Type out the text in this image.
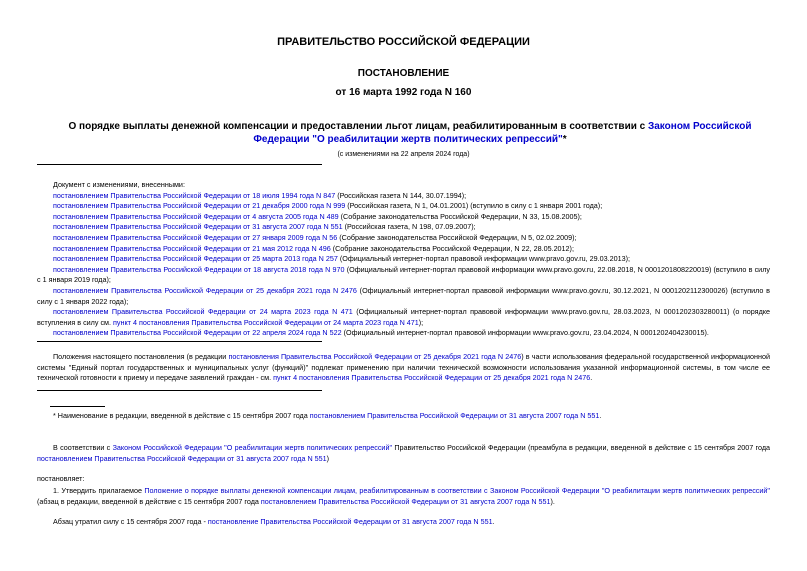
ПРАВИТЕЛЬСТВО РОССИЙСКОЙ ФЕДЕРАЦИИ
ПОСТАНОВЛЕНИЕ
от 16 марта 1992 года N 160
О порядке выплаты денежной компенсации и предоставлении льгот лицам, реабилитированным в соответствии с Законом Российской Федерации "О реабилитации жертв политических репрессий"*
(с изменениями на 22 апреля 2024 года)
Документ с изменениями, внесенными:
постановлением Правительства Российской Федерации от 18 июля 1994 года N 847 (Российская газета N 144, 30.07.1994);
постановлением Правительства Российской Федерации от 21 декабря 2000 года N 999 (Российская газета, N 1, 04.01.2001) (вступило в силу с 1 января 2001 года);
постановлением Правительства Российской Федерации от 4 августа 2005 года N 489 (Собрание законодательства Российской Федерации, N 33, 15.08.2005);
постановлением Правительства Российской Федерации от 31 августа 2007 года N 551 (Российская газета, N 198, 07.09.2007);
постановлением Правительства Российской Федерации от 27 января 2009 года N 56 (Собрание законодательства Российской Федерации, N 5, 02.02.2009);
постановлением Правительства Российской Федерации от 21 мая 2012 года N 496 (Собрание законодательства Российской Федерации, N 22, 28.05.2012);
постановлением Правительства Российской Федерации от 25 марта 2013 года N 257 (Официальный интернет-портал правовой информации www.pravo.gov.ru, 29.03.2013);
постановлением Правительства Российской Федерации от 18 августа 2018 года N 970 (Официальный интернет-портал правовой информации www.pravo.gov.ru, 22.08.2018, N 0001201808220019) (вступило в силу с 1 января 2019 года);
постановлением Правительства Российской Федерации от 25 декабря 2021 года N 2476 (Официальный интернет-портал правовой информации www.pravo.gov.ru, 30.12.2021, N 0001202112300026) (вступило в силу с 1 января 2022 года);
постановлением Правительства Российской Федерации от 24 марта 2023 года N 471 (Официальный интернет-портал правовой информации www.pravo.gov.ru, 28.03.2023, N 0001202303280011) (о порядке вступления в силу см. пункт 4 постановления Правительства Российской Федерации от 24 марта 2023 года N 471);
постановлением Правительства Российской Федерации от 22 апреля 2024 года N 522 (Официальный интернет-портал правовой информации www.pravo.gov.ru, 23.04.2024, N 0001202404230015).
Положения настоящего постановления (в редакции постановления Правительства Российской Федерации от 25 декабря 2021 года N 2476) в части использования федеральной государственной информационной системы "Единый портал государственных и муниципальных услуг (функций)" подлежат применению при наличии технической возможности использования указанной информационной системы, в том числе ее технической готовности к приему и передаче заявлений граждан - см. пункт 4 постановления Правительства Российской Федерации от 25 декабря 2021 года N 2476.
* Наименование в редакции, введенной в действие с 15 сентября 2007 года постановлением Правительства Российской Федерации от 31 августа 2007 года N 551.
В соответствии с Законом Российской Федерации "О реабилитации жертв политических репрессий" Правительство Российской Федерации (преамбула в редакции, введенной в действие с 15 сентября 2007 года постановлением Правительства Российской Федерации от 31 августа 2007 года N 551)
постановляет:
1. Утвердить прилагаемое Положение о порядке выплаты денежной компенсации лицам, реабилитированным в соответствии с Законом Российской Федерации "О реабилитации жертв политических репрессий" (абзац в редакции, введенной в действие с 15 сентября 2007 года постановлением Правительства Российской Федерации от 31 августа 2007 года N 551).
Абзац утратил силу с 15 сентября 2007 года - постановление Правительства Российской Федерации от 31 августа 2007 года N 551.
